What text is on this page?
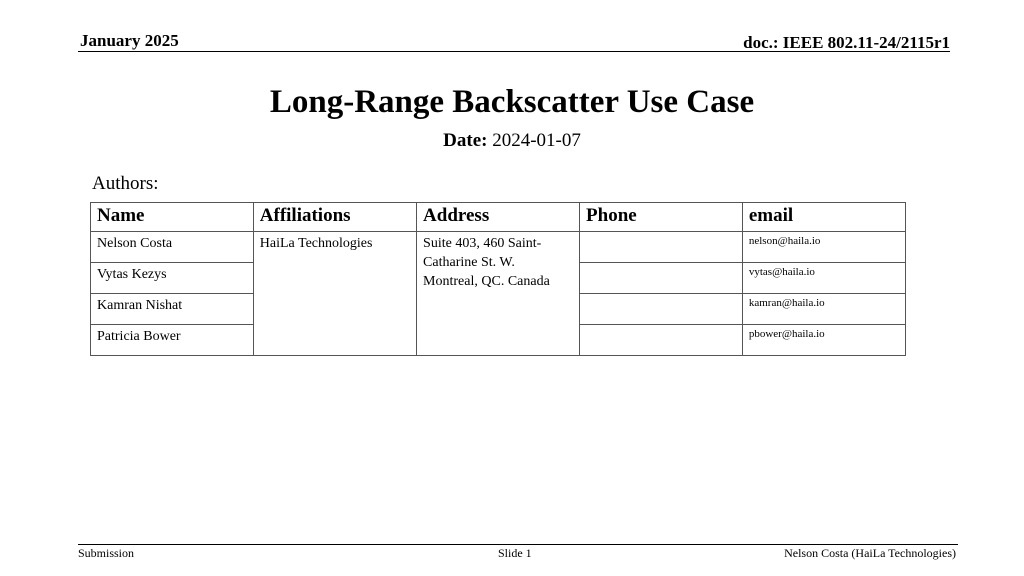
January 2025	doc.: IEEE 802.11-24/2115r1
Long-Range Backscatter Use Case
Date: 2024-01-07
Authors:
Name	Affiliations	Address	Phone	email
Nelson Costa	HaiLa Technologies	Suite 403, 460 Saint-Catharine St. W. Montreal, QC. Canada		nelson@haila.io
Vytas Kezys				vytas@haila.io
Kamran Nishat				kamran@haila.io
Patricia Bower				pbower@haila.io
Submission	Slide 1	Nelson Costa (HaiLa Technologies)
